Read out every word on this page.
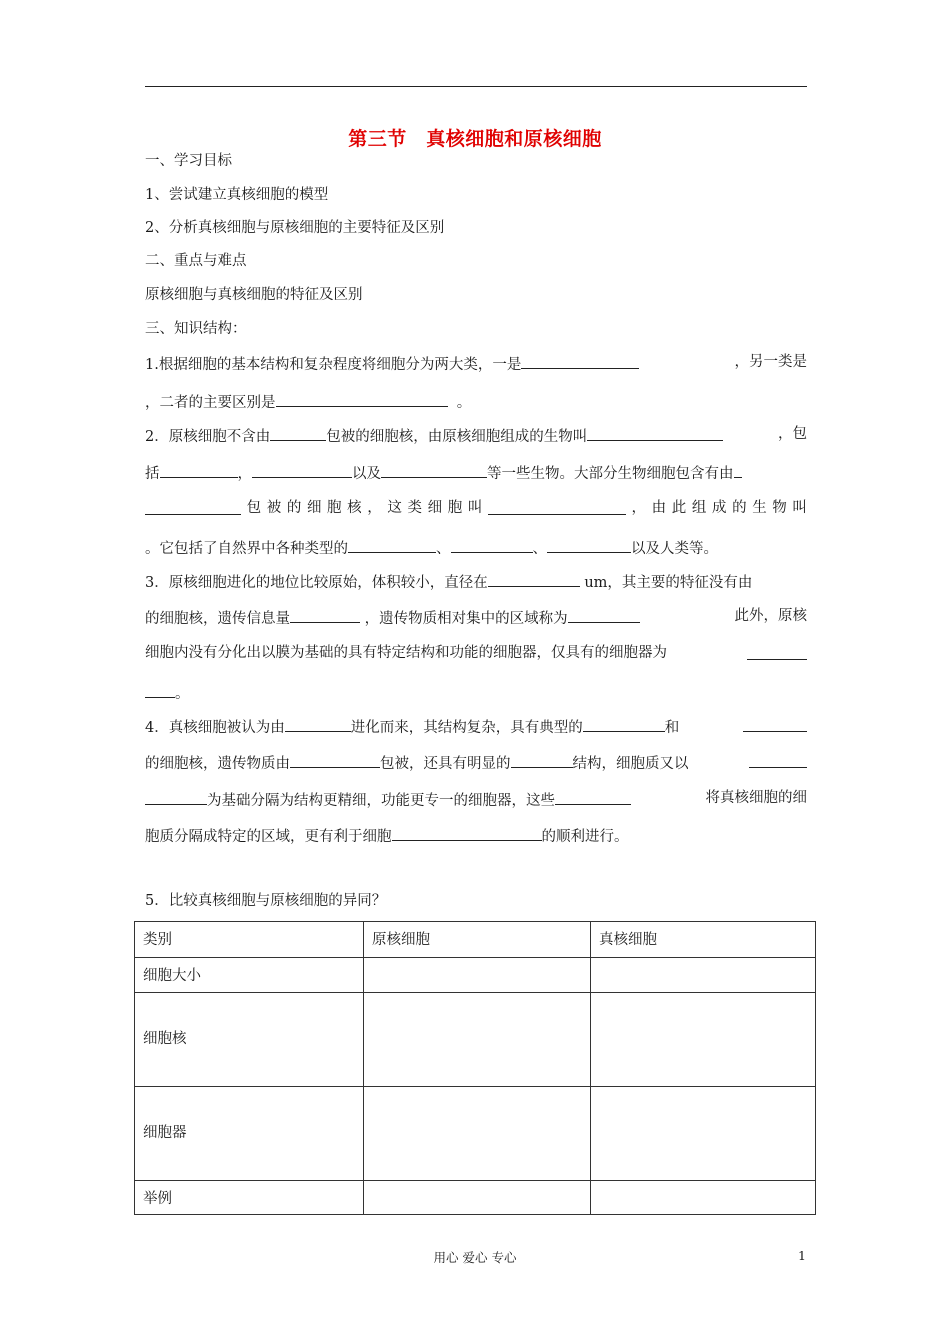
第三节　真核细胞和原核细胞
一、学习目标
1、尝试建立真核细胞的模型
2、分析真核细胞与原核细胞的主要特征及区别
二、重点与难点
原核细胞与真核细胞的特征及区别
三、知识结构：
1.根据细胞的基本结构和复杂程度将细胞分为两大类，一是	，另一类是
，二者的主要区别是	。
2．原核细胞不含由	包被的细胞核，由原核细胞组成的生物叫	，包
括	，	以及	等一些生物。大部分生物细胞包含有由
包 被 的 细 胞 核 ， 这 类 细 胞 叫	， 由 此 组 成 的 生 物 叫
。它包括了自然界中各种类型的	、	、	以及人类等。
3．原核细胞进化的地位比较原始，体积较小，直径在	um，其主要的特征没有由
的细胞核，遗传信息量	，遗传物质相对集中的区域称为	此外，原核
细胞内没有分化出以膜为基础的具有特定结构和功能的细胞器，仅具有的细胞器为
。
4．真核细胞被认为由	进化而来，其结构复杂，具有典型的	和
的细胞核，遗传物质由	包被，还具有明显的	结构，细胞质又以
为基础分隔为结构更精细，功能更专一的细胞器，这些	将真核细胞的细
胞质分隔成特定的区域，更有利于细胞	的顺利进行。
5．比较真核细胞与原核细胞的异同？
类别	原核细胞	真核细胞
细胞大小		
细胞核		
细胞器		
举例		
用心 爱心 专心	1
